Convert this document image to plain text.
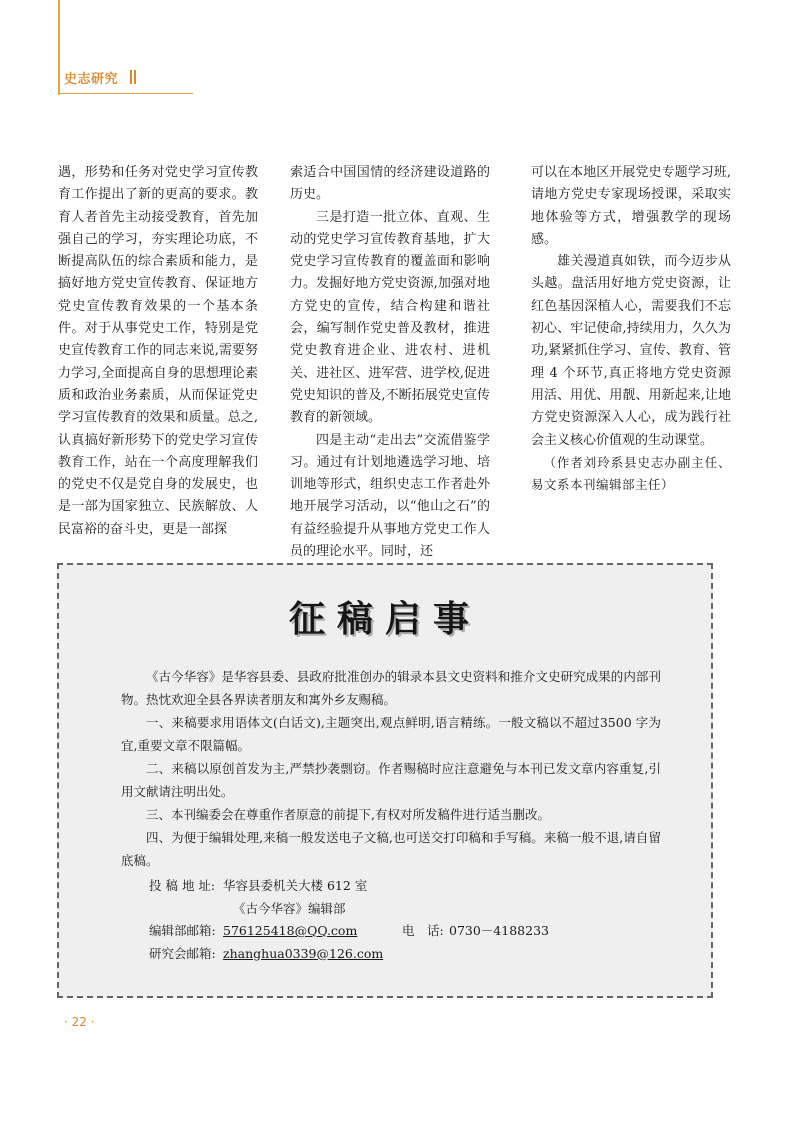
史志研究

遇，形势和任务对党史学习宣传教育工作提出了新的更高的要求。教育人者首先主动接受教育，首先加强自己的学习，夯实理论功底，不断提高队伍的综合素质和能力，是搞好地方党史宣传教育、保证地方党史宣传教育效果的一个基本条件。对于从事党史工作，特别是党史宣传教育工作的同志来说,需要努力学习,全面提高自身的思想理论素质和政治业务素质，从而保证党史学习宣传教育的效果和质量。总之,认真搞好新形势下的党史学习宣传教育工作，站在一个高度理解我们的党史不仅是党自身的发展史，也是一部为国家独立、民族解放、人民富裕的奋斗史，更是一部探

索适合中国国情的经济建设道路的历史。

三是打造一批立体、直观、生动的党史学习宣传教育基地，扩大党史学习宣传教育的覆盖面和影响力。发掘好地方党史资源,加强对地方党史的宣传，结合构建和谐社会，编写制作党史普及教材，推进党史教育进企业、进农村、进机关、进社区、进军营、进学校,促进党史知识的普及,不断拓展党史宣传教育的新领域。

四是主动“走出去”交流借鉴学习。通过有计划地遴选学习地、培训地等形式，组织史志工作者赴外地开展学习活动，以“他山之石”的有益经验提升从事地方党史工作人员的理论水平。同时，还

可以在本地区开展党史专题学习班,请地方党史专家现场授课，采取实地体验等方式，增强教学的现场感。

雄关漫道真如铁，而今迈步从头越。盘活用好地方党史资源，让红色基因深植人心，需要我们不忘初心、牢记使命,持续用力，久久为功,紧紧抓住学习、宣传、教育、管理 4 个环节,真正将地方党史资源用活、用优、用靓、用新起来,让地方党史资源深入人心，成为践行社会主义核心价值观的生动课堂。

（作者刘玲系县史志办副主任、易文系本刊编辑部主任）

征稿启事

《古今华容》是华容县委、县政府批准创办的辑录本县文史资料和推介文史研究成果的内部刊物。热忱欢迎全县各界读者朋友和寓外乡友赐稿。

一、来稿要求用语体文(白话文),主题突出,观点鲜明,语言精练。一般文稿以不超过3500 字为宜,重要文章不限篇幅。

二、来稿以原创首发为主,严禁抄袭剽窃。作者赐稿时应注意避免与本刊已发文章内容重复,引用文献请注明出处。

三、本刊编委会在尊重作者原意的前提下,有权对所发稿件进行适当删改。

四、为便于编辑处理,来稿一般发送电子文稿,也可送交打印稿和手写稿。来稿一般不退,请自留底稿。

投 稿 地 址: 华容县委机关大楼 612 室
《古今华容》编辑部
编辑部邮箱: 576125418@QQ.com	电　话: 0730－4188233
研究会邮箱: zhanghua0339@126.com
· 22 ·
